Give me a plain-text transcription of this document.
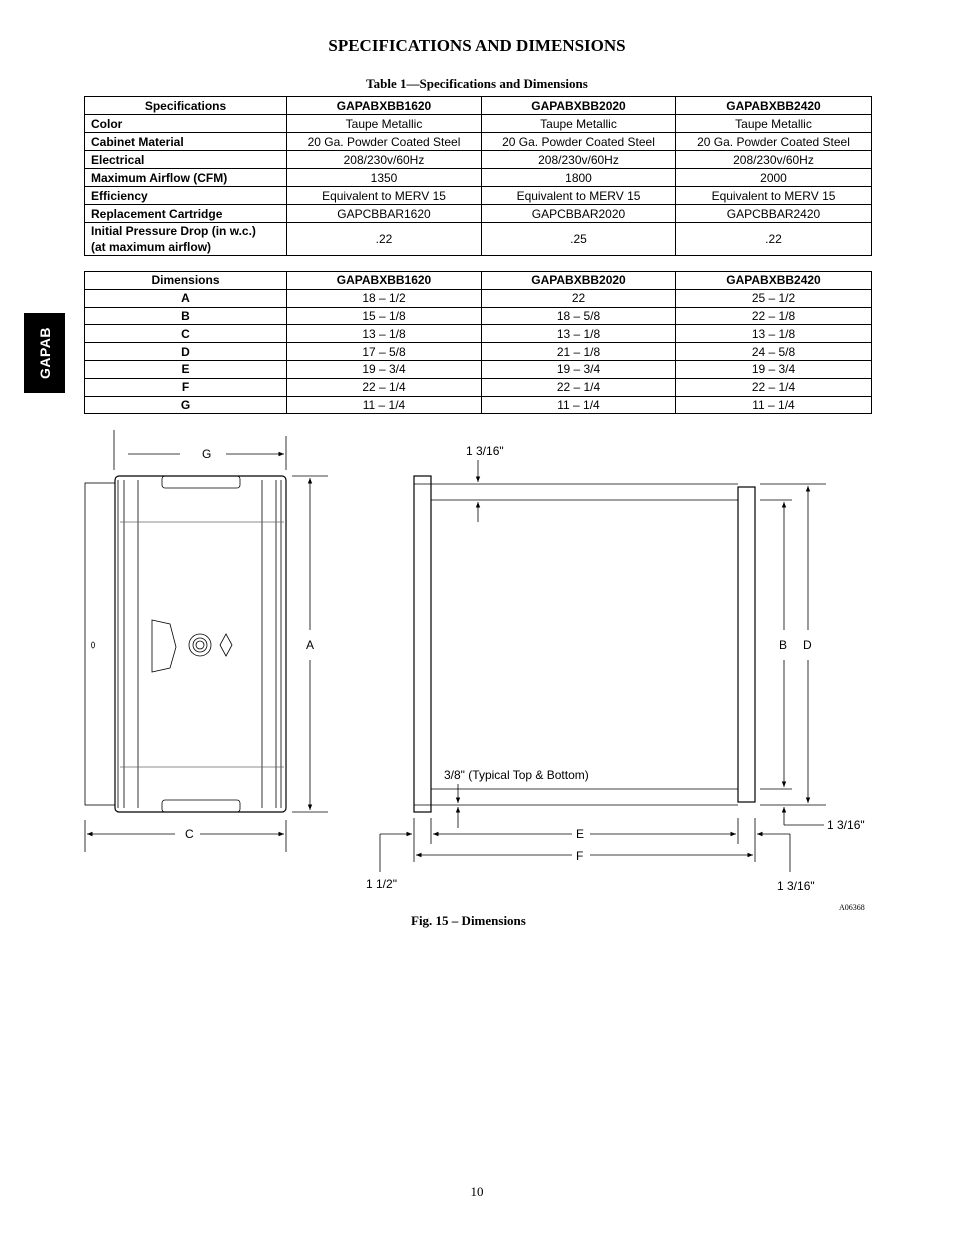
SPECIFICATIONS AND DIMENSIONS
Table 1—Specifications and Dimensions
Specifications	GAPABXBB1620	GAPABXBB2020	GAPABXBB2420
Color	Taupe Metallic	Taupe Metallic	Taupe Metallic
Cabinet Material	20 Ga. Powder Coated Steel	20 Ga. Powder Coated Steel	20 Ga. Powder Coated Steel
Electrical	208/230v/60Hz	208/230v/60Hz	208/230v/60Hz
Maximum Airflow (CFM)	1350	1800	2000
Efficiency	Equivalent to MERV 15	Equivalent to MERV 15	Equivalent to MERV 15
Replacement Cartridge	GAPCBBAR1620	GAPCBBAR2020	GAPCBBAR2420
Initial Pressure Drop (in w.c.)
(at maximum airflow)	.22	.25	.22
Dimensions	GAPABXBB1620	GAPABXBB2020	GAPABXBB2420
A	18 – 1/2	22	25 – 1/2
B	15 – 1/8	18 – 5/8	22 – 1/8
C	13 – 1/8	13 – 1/8	13 – 1/8
D	17 – 5/8	21 – 1/8	24 – 5/8
E	19 – 3/4	19 – 3/4	19 – 3/4
F	22 – 1/4	22 – 1/4	22 – 1/4
G	11 – 1/4	11 – 1/4	11 – 1/4
GAPAB
G
A
C
1 3/16"
B D
3/8" (Typical Top & Bottom)
E
F
1 3/16"
1 1/2"	1 3/16"
A06368
Fig. 15 – Dimensions
10
